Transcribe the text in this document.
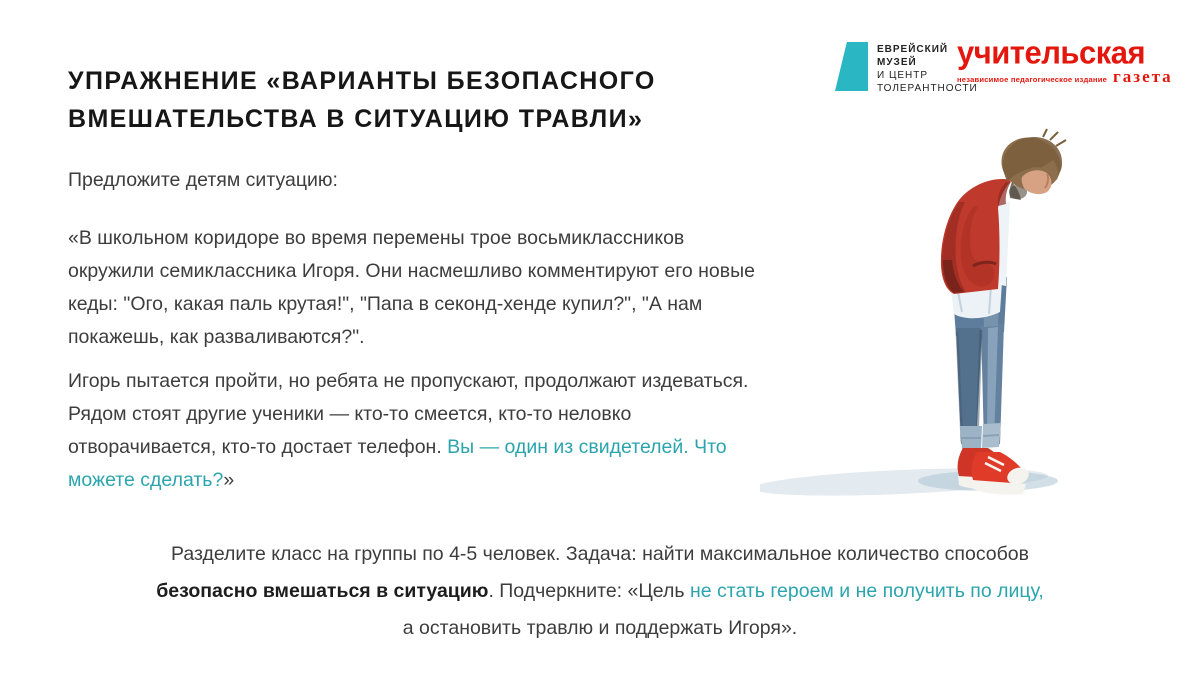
УПРАЖНЕНИЕ «ВАРИАНТЫ БЕЗОПАСНОГО
ВМЕШАТЕЛЬСТВА В СИТУАЦИЮ ТРАВЛИ»
ЕВРЕЙСКИЙ
МУЗЕЙ
И ЦЕНТР
ТОЛЕРАНТНОСТИ
учительская
независимое педагогическое издание газета

Предложите детям ситуацию:

«В школьном коридоре во время перемены трое восьмиклассников окружили семиклассника Игоря. Они насмешливо комментируют его новые кеды: "Ого, какая паль крутая!", "Папа в секонд-хенде купил?", "А нам покажешь, как разваливаются?".

Игорь пытается пройти, но ребята не пропускают, продолжают издеваться. Рядом стоят другие ученики — кто-то смеется, кто-то неловко отворачивается, кто-то достает телефон. Вы — один из свидетелей. Что можете сделать?»

Разделите класс на группы по 4-5 человек. Задача: найти максимальное количество способов
безопасно вмешаться в ситуацию. Подчеркните: «Цель не стать героем и не получить по лицу,
а остановить травлю и поддержать Игоря».
